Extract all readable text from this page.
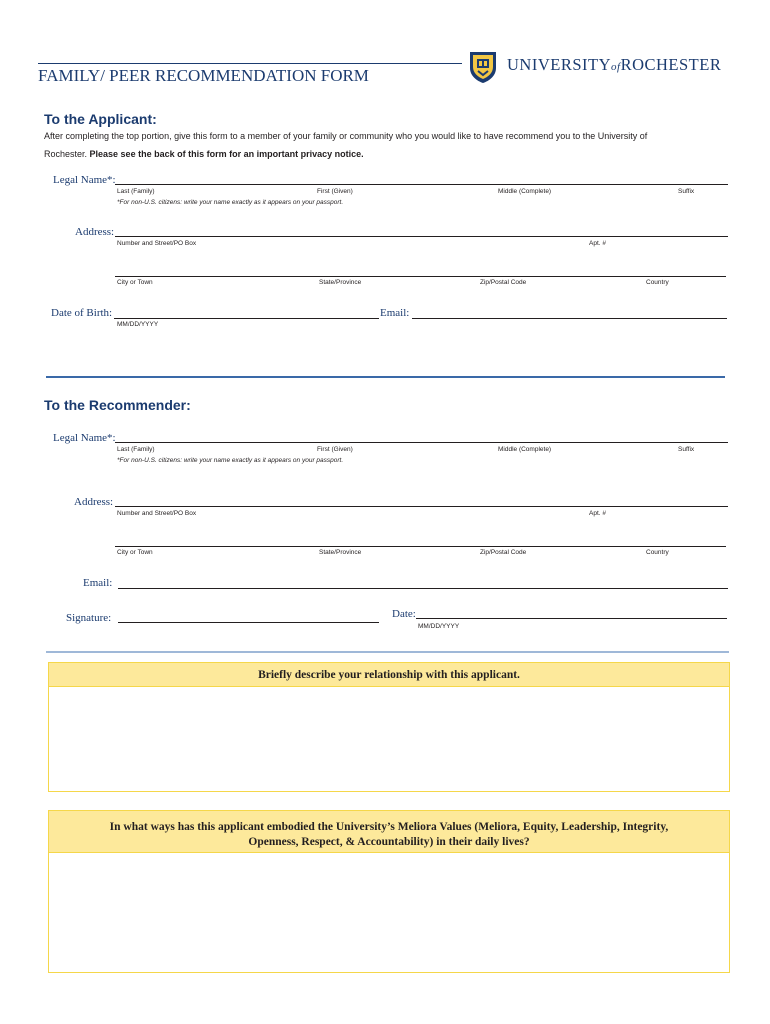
FAMILY/ PEER RECOMMENDATION FORM
UNIVERSITYofROCHESTER
To the Applicant:
After completing the top portion, give this form to a member of your family or community who you would like to have recommend you to the University of
Rochester. Please see the back of this form for an important privacy notice.
Legal Name*:
Last (Family)	First (Given)	Middle (Complete)	Suffix
*For non-U.S. citizens: write your name exactly as it appears on your passport.
Address:
Number and Street/PO Box	Apt. #
City or Town	State/Province	Zip/Postal Code	Country
Date of Birth:
MM/DD/YYYY
Email:
To the Recommender:
Legal Name*:
Last (Family)	First (Given)	Middle (Complete)	Suffix
*For non-U.S. citizens: write your name exactly as it appears on your passport.
Address:
Number and Street/PO Box	Apt. #
City or Town	State/Province	Zip/Postal Code	Country
Email:
Signature:	Date:
MM/DD/YYYY
Briefly describe your relationship with this applicant.
In what ways has this applicant embodied the University’s Meliora Values (Meliora, Equity, Leadership, Integrity,
Openness, Respect, & Accountability) in their daily lives?
